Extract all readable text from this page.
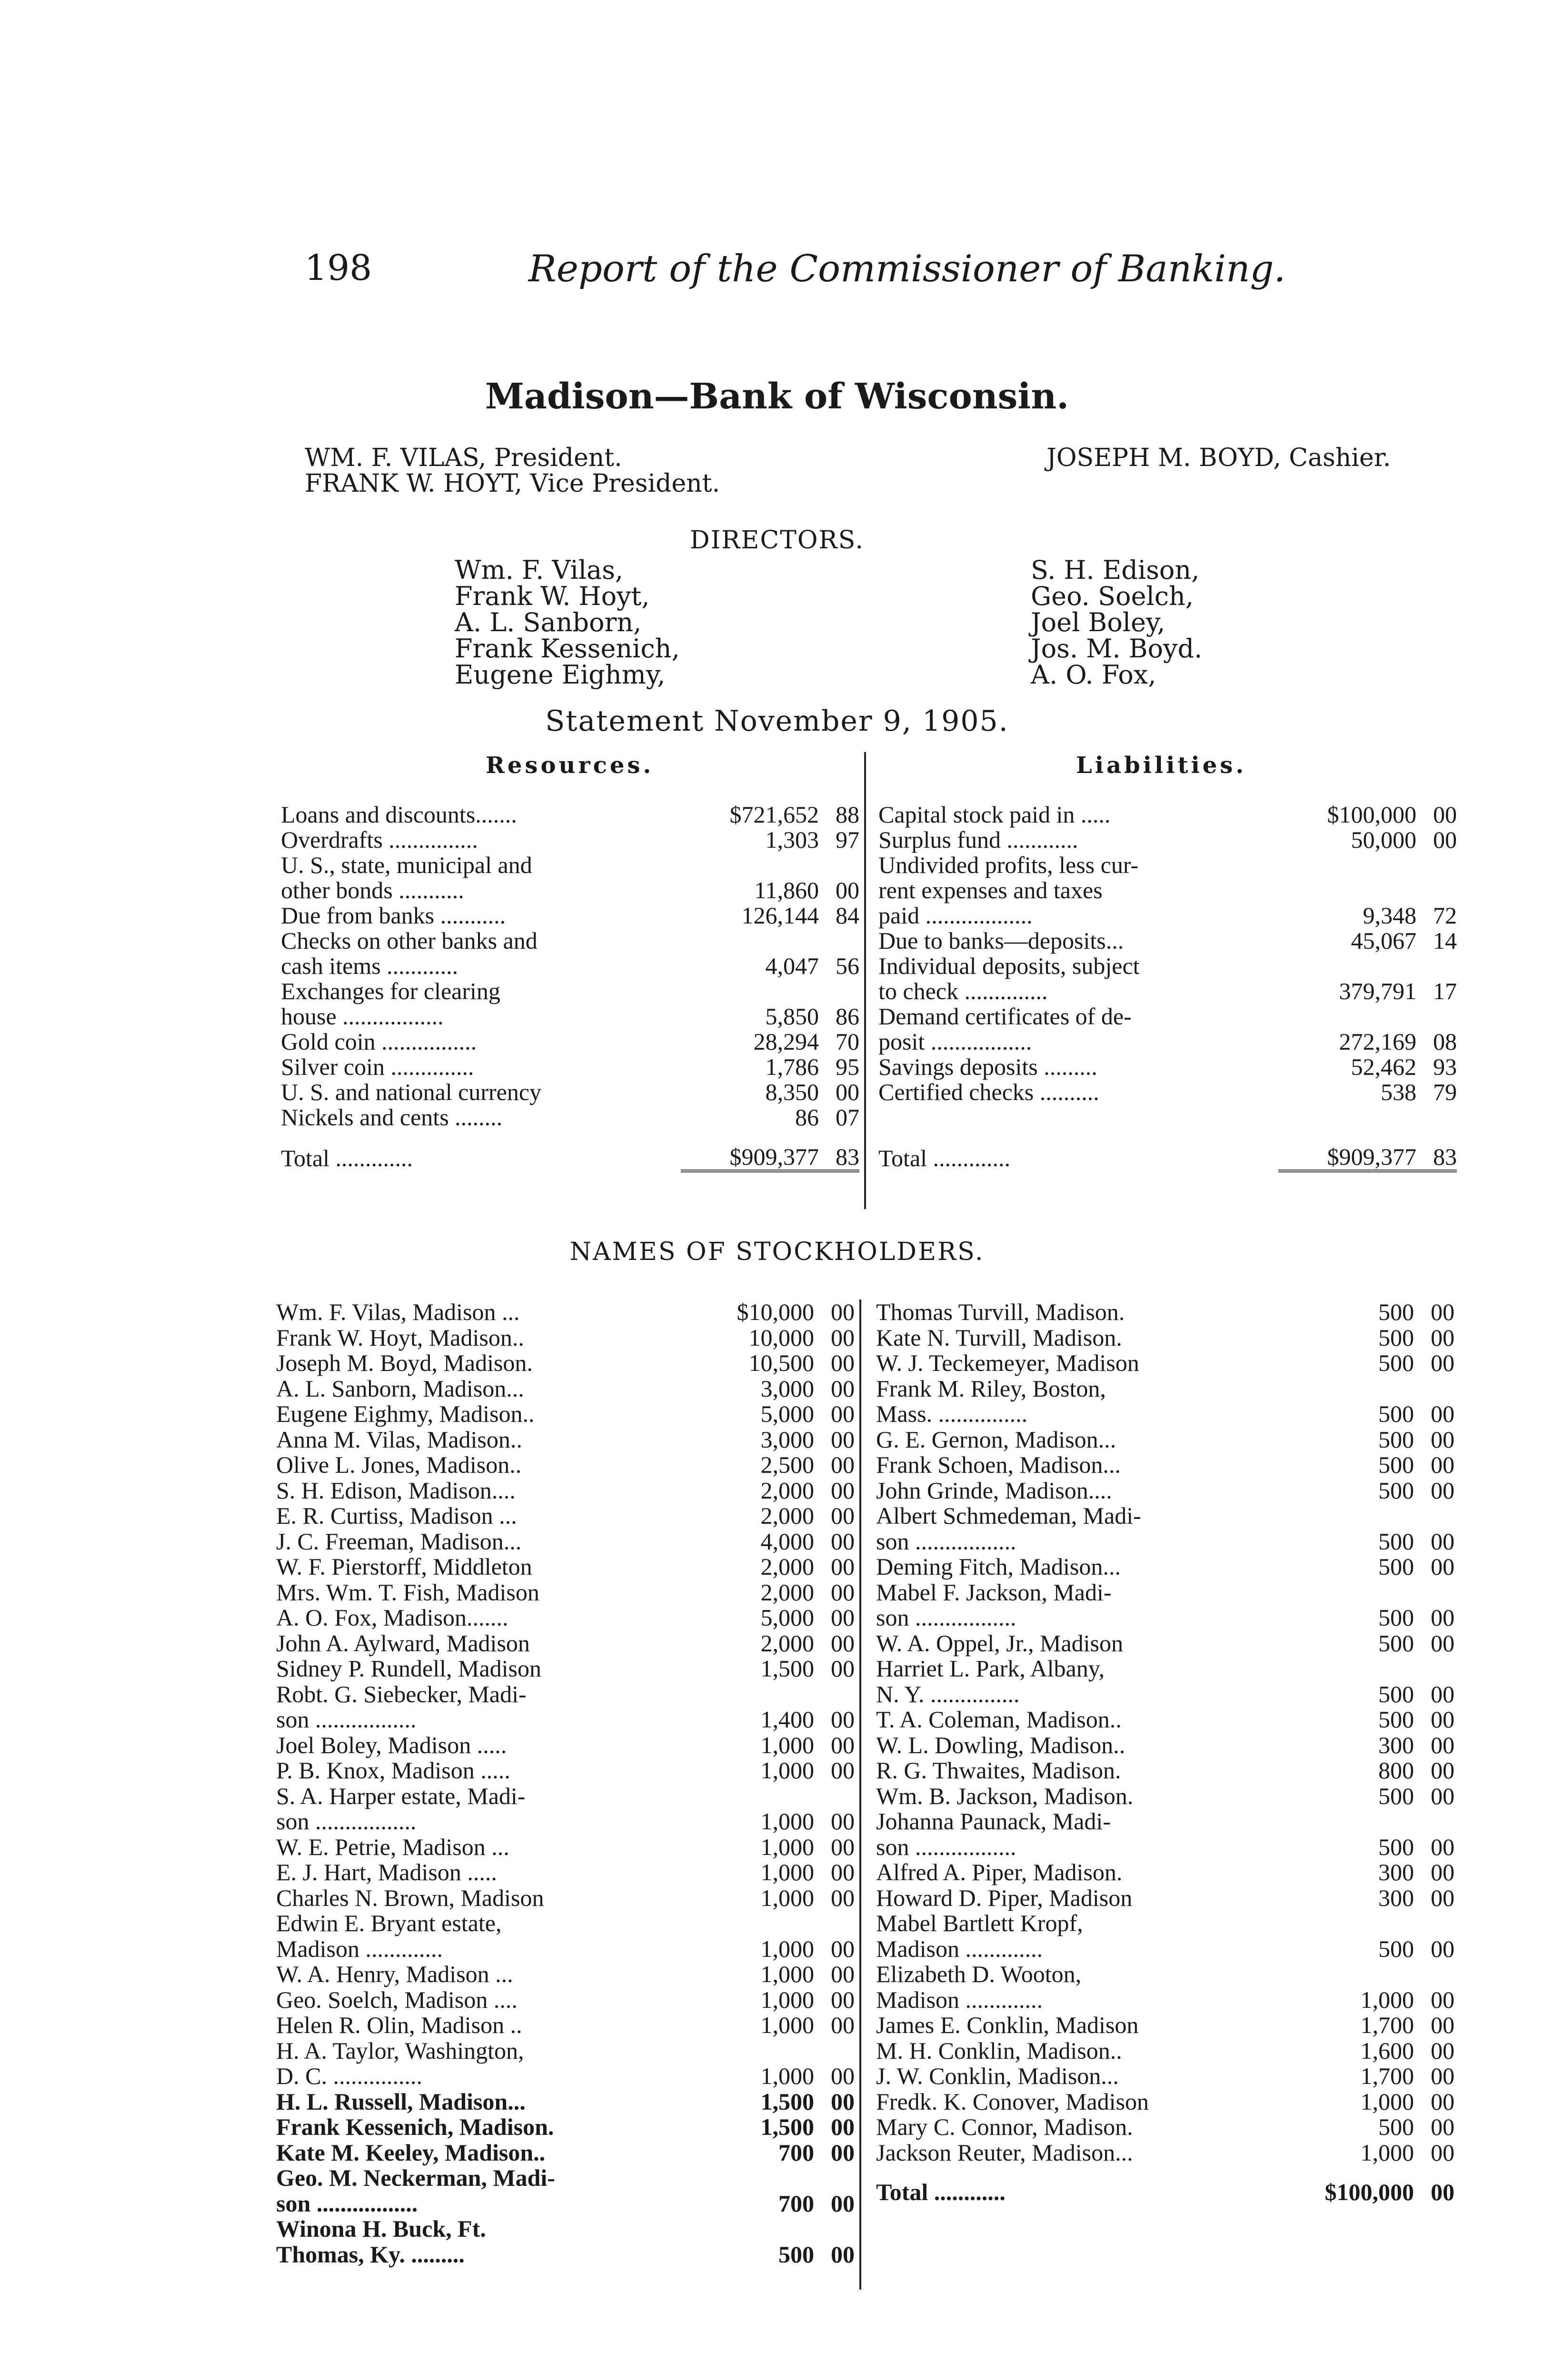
198	Report of the Commissioner of Banking.
Madison—Bank of Wisconsin.
WM. F. VILAS, President.
FRANK W. HOYT, Vice President.
JOSEPH M. BOYD, Cashier.
DIRECTORS.
Wm. F. Vilas,
Frank W. Hoyt,
A. L. Sanborn,
Frank Kessenich,
Eugene Eighmy,
S. H. Edison,
Geo. Soelch,
Joel Boley,
Jos. M. Boyd.
A. O. Fox,
Statement November 9, 1905.
Resources.	Liabilities.
Loans and discounts.......	$721,652	88
Overdrafts ...............	1,303	97
U. S., state, municipal and		
other bonds ...........	11,860	00
Due from banks ...........	126,144	84
Checks on other banks and		
cash items ............	4,047	56
Exchanges for clearing		
house .................	5,850	86
Gold coin ................	28,294	70
Silver coin ..............	1,786	95
U. S. and national currency	8,350	00
Nickels and cents ........	86	07
Total .............	$909,377	83
Capital stock paid in .....	$100,000	00
Surplus fund ............	50,000	00
Undivided profits, less cur-		
rent expenses and taxes		
paid ..................	9,348	72
Due to banks—deposits...	45,067	14
Individual deposits, subject		
to check ..............	379,791	17
Demand certificates of de-		
posit .................	272,169	08
Savings deposits .........	52,462	93
Certified checks ..........	538	79

Total .............	$909,377	83
NAMES OF STOCKHOLDERS.
Wm. F. Vilas, Madison ...	$10,000	00
Frank W. Hoyt, Madison..	10,000	00
Joseph M. Boyd, Madison.	10,500	00
A. L. Sanborn, Madison...	3,000	00
Eugene Eighmy, Madison..	5,000	00
Anna M. Vilas, Madison..	3,000	00
Olive L. Jones, Madison..	2,500	00
S. H. Edison, Madison....	2,000	00
E. R. Curtiss, Madison ...	2,000	00
J. C. Freeman, Madison...	4,000	00
W. F. Pierstorff, Middleton	2,000	00
Mrs. Wm. T. Fish, Madison	2,000	00
A. O. Fox, Madison.......	5,000	00
John A. Aylward, Madison	2,000	00
Sidney P. Rundell, Madison	1,500	00
Robt. G. Siebecker, Madi-		
son .................	1,400	00
Joel Boley, Madison .....	1,000	00
P. B. Knox, Madison .....	1,000	00
S. A. Harper estate, Madi-		
son .................	1,000	00
W. E. Petrie, Madison ...	1,000	00
E. J. Hart, Madison .....	1,000	00
Charles N. Brown, Madison	1,000	00
Edwin E. Bryant estate,		
Madison .............	1,000	00
W. A. Henry, Madison ...	1,000	00
Geo. Soelch, Madison ....	1,000	00
Helen R. Olin, Madison ..	1,000	00
H. A. Taylor, Washington,		
D. C. ...............	1,000	00
H. L. Russell, Madison...	1,500	00
Frank Kessenich, Madison.	1,500	00
Kate M. Keeley, Madison..	700	00
Geo. M. Neckerman, Madi-		
son .................	700	00
Winona H. Buck, Ft.		
Thomas, Ky. .........	500	00
Thomas Turvill, Madison.	500	00
Kate N. Turvill, Madison.	500	00
W. J. Teckemeyer, Madison	500	00
Frank M. Riley, Boston,		
Mass. ...............	500	00
G. E. Gernon, Madison...	500	00
Frank Schoen, Madison...	500	00
John Grinde, Madison....	500	00
Albert Schmedeman, Madi-		
son .................	500	00
Deming Fitch, Madison...	500	00
Mabel F. Jackson, Madi-		
son .................	500	00
W. A. Oppel, Jr., Madison	500	00
Harriet L. Park, Albany,		
N. Y. ...............	500	00
T. A. Coleman, Madison..	500	00
W. L. Dowling, Madison..	300	00
R. G. Thwaites, Madison.	800	00
Wm. B. Jackson, Madison.	500	00
Johanna Paunack, Madi-		
son .................	500	00
Alfred A. Piper, Madison.	300	00
Howard D. Piper, Madison	300	00
Mabel Bartlett Kropf,		
Madison .............	500	00
Elizabeth D. Wooton,		
Madison .............	1,000	00
James E. Conklin, Madison	1,700	00
M. H. Conklin, Madison..	1,600	00
J. W. Conklin, Madison...	1,700	00
Fredk. K. Conover, Madison	1,000	00
Mary C. Connor, Madison.	500	00
Jackson Reuter, Madison...	1,000	00
Total ............	$100,000	00
